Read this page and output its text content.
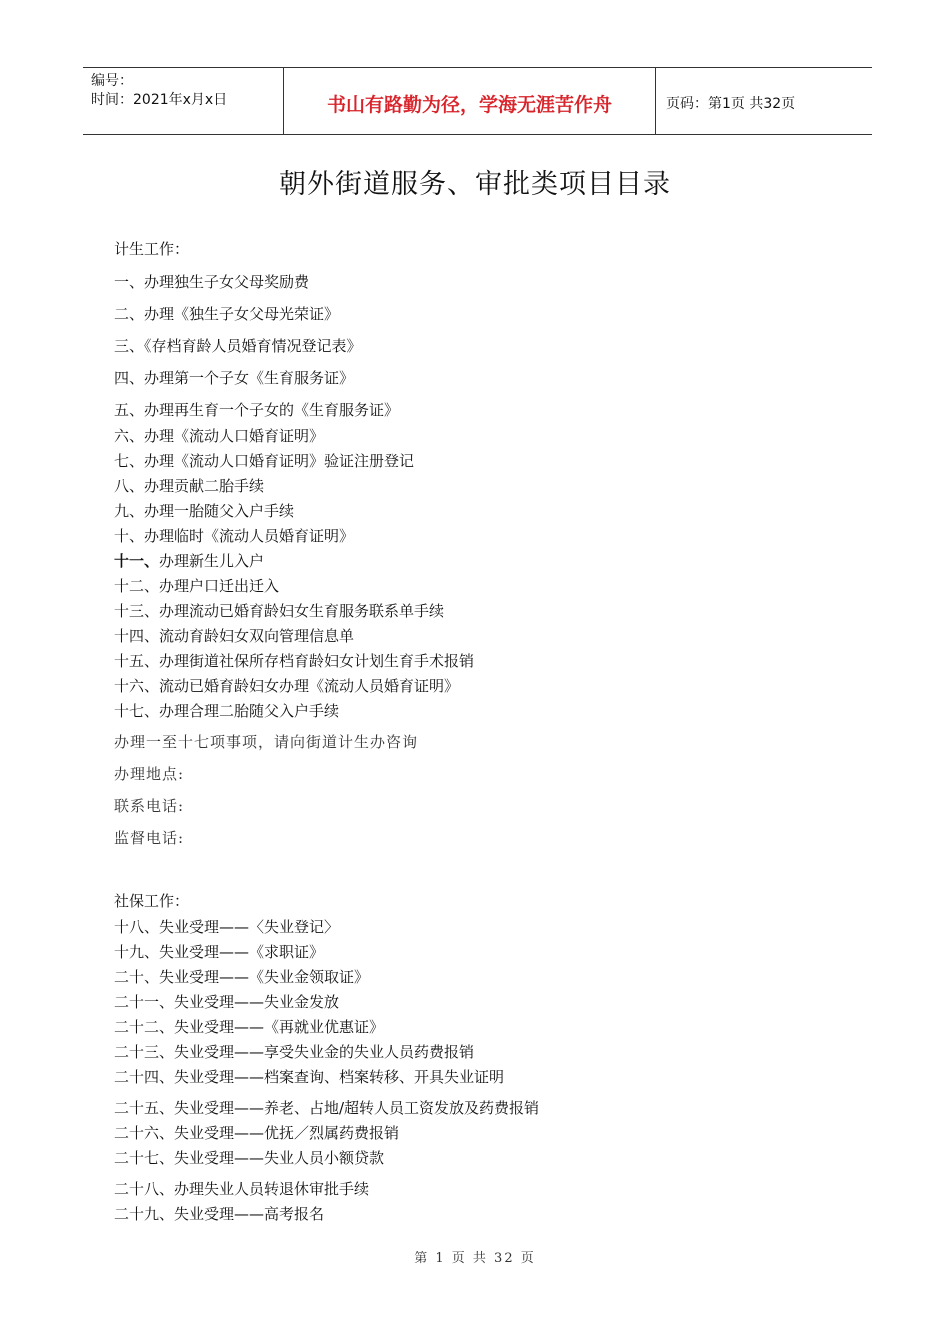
编号：
时间：2021年x月x日	书山有路勤为径，学海无涯苦作舟	页码：第1页 共32页
朝外街道服务、审批类项目目录
计生工作：
一、办理独生子女父母奖励费
二、办理《独生子女父母光荣证》
三、《存档育龄人员婚育情况登记表》
四、办理第一个子女《生育服务证》
五、办理再生育一个子女的《生育服务证》
六、办理《流动人口婚育证明》
七、办理《流动人口婚育证明》验证注册登记
八、办理贡献二胎手续
九、办理一胎随父入户手续
十、办理临时《流动人员婚育证明》
十一、办理新生儿入户
十二、办理户口迁出迁入
十三、办理流动已婚育龄妇女生育服务联系单手续
十四、流动育龄妇女双向管理信息单
十五、办理街道社保所存档育龄妇女计划生育手术报销
十六、流动已婚育龄妇女办理《流动人员婚育证明》
十七、办理合理二胎随父入户手续
办理一至十七项事项，请向街道计生办咨询
办理地点:
联系电话:
监督电话:
社保工作：
十八、失业受理——〈失业登记〉
十九、失业受理——《求职证》
二十、失业受理——《失业金领取证》
二十一、失业受理——失业金发放
二十二、失业受理——《再就业优惠证》
二十三、失业受理——享受失业金的失业人员药费报销
二十四、失业受理——档案查询、档案转移、开具失业证明
二十五、失业受理——养老、占地/超转人员工资发放及药费报销
二十六、失业受理——优抚／烈属药费报销
二十七、失业受理——失业人员小额贷款
二十八、办理失业人员转退休审批手续
二十九、失业受理——高考报名
第 1 页 共 32 页
